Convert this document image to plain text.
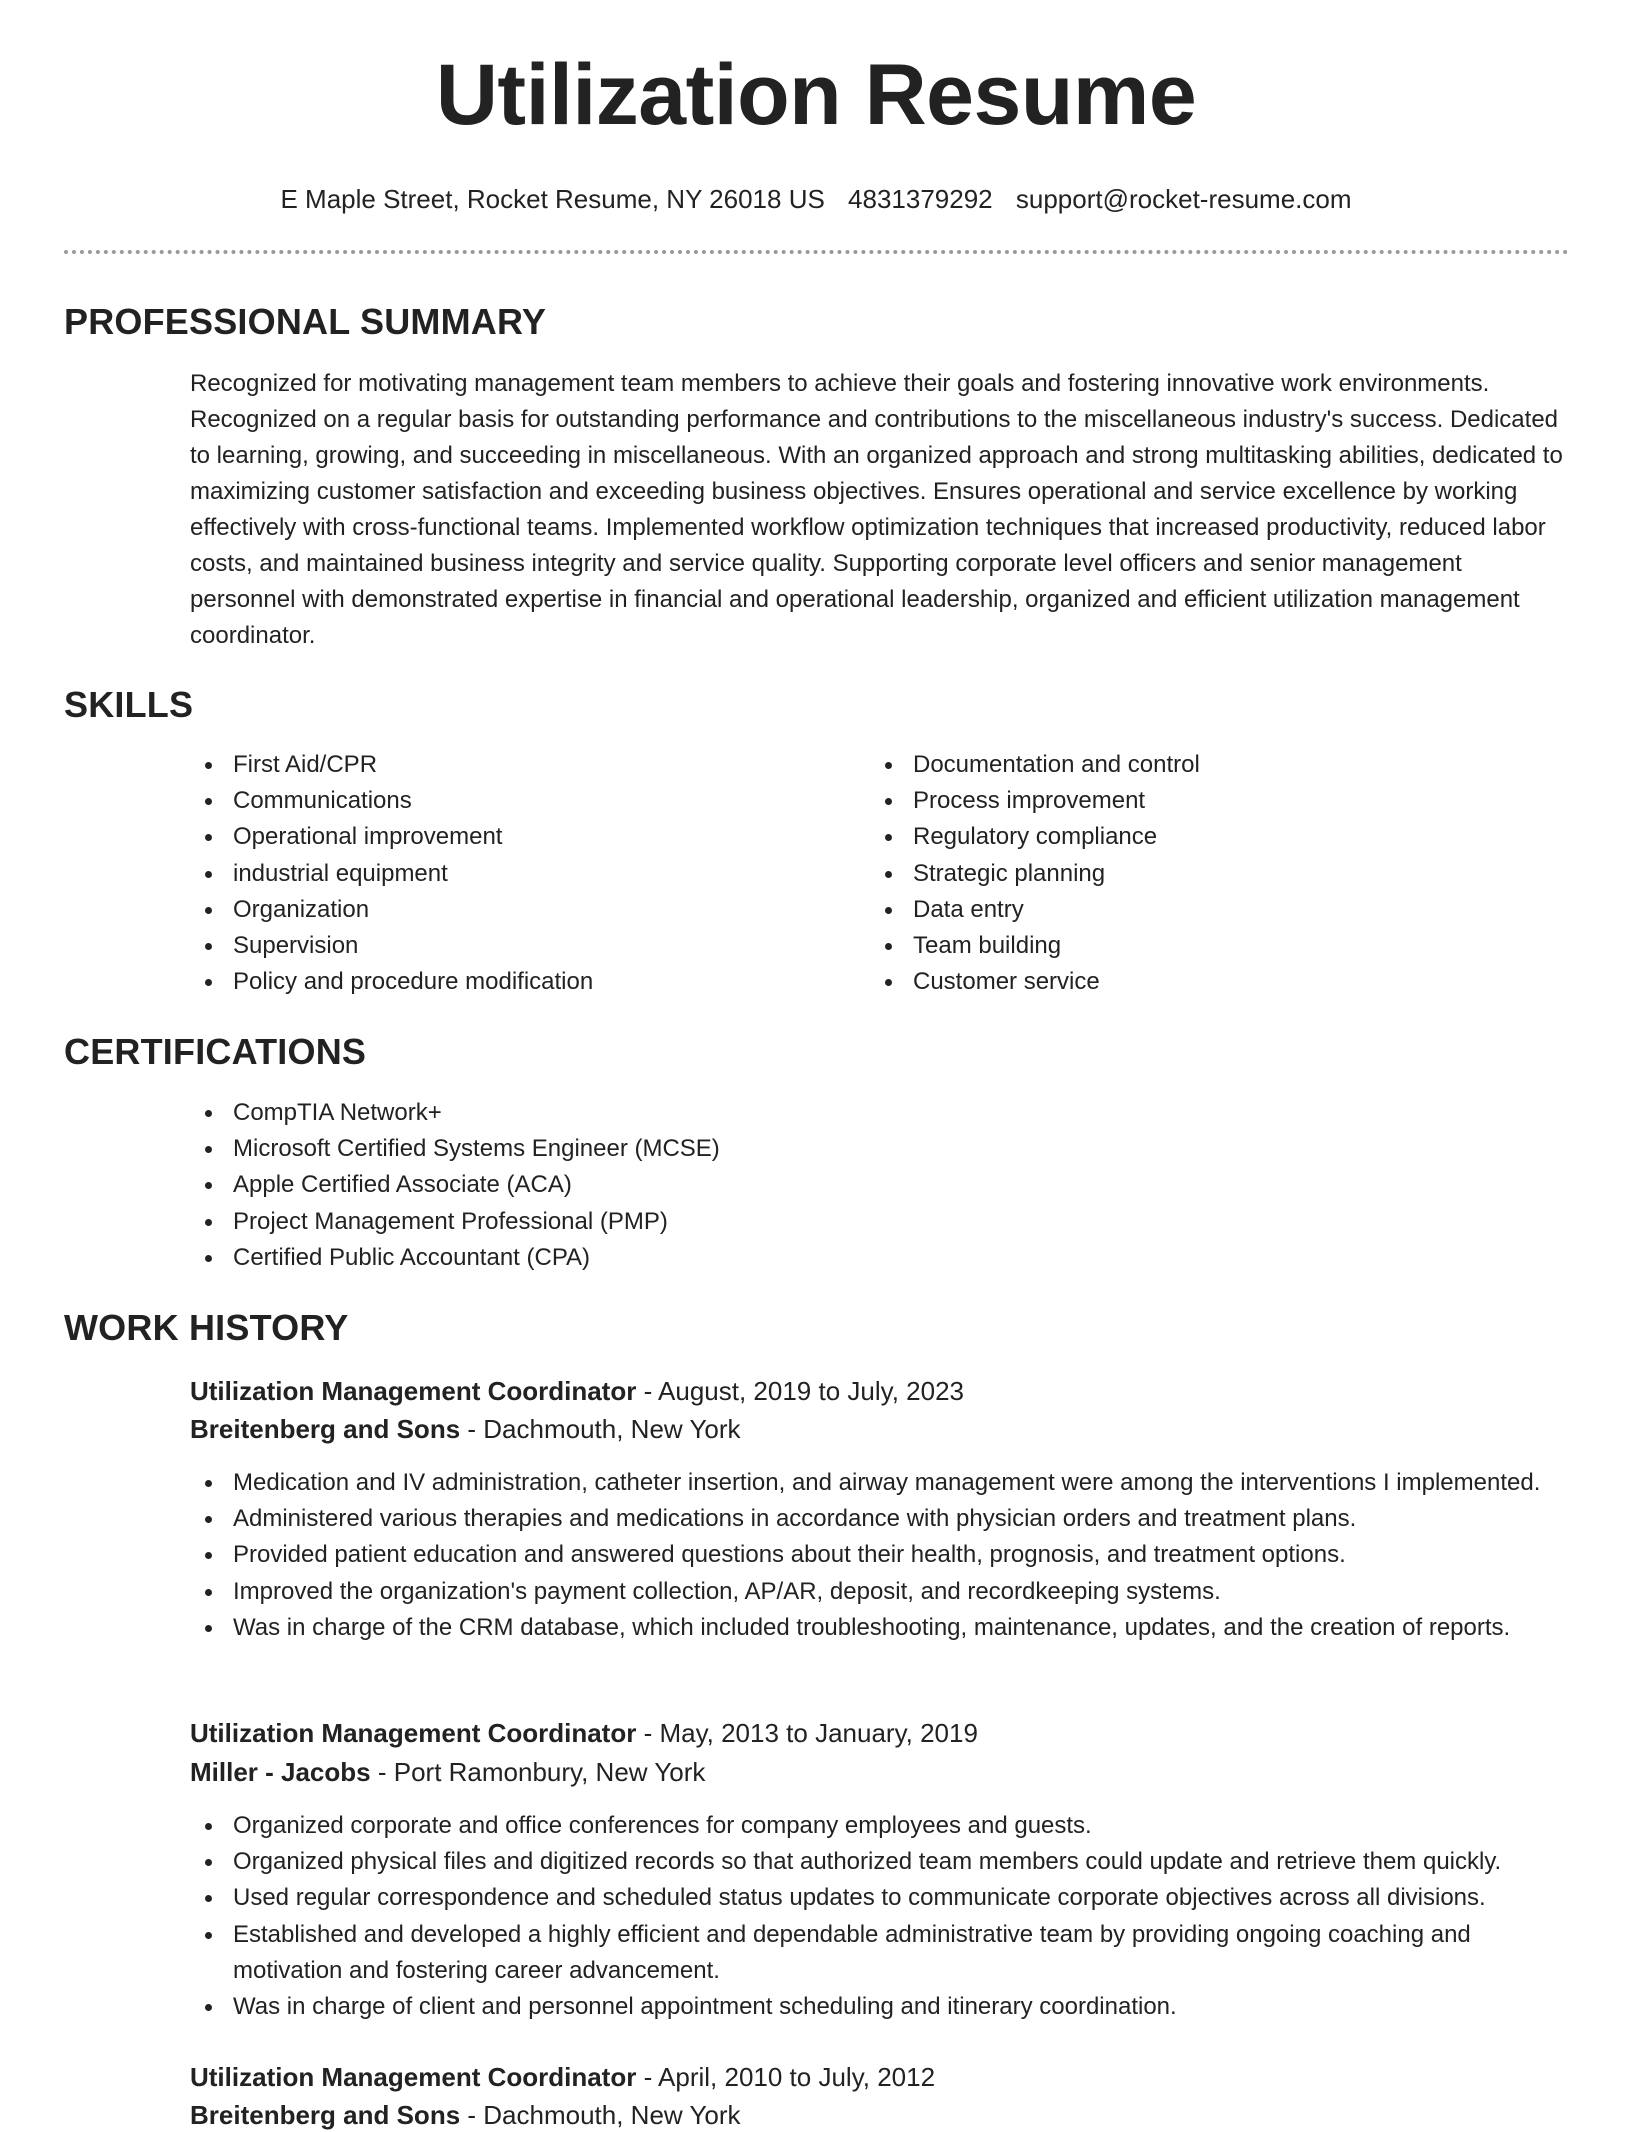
Utilization Resume
E Maple Street, Rocket Resume, NY 26018 US 4831379292 support@rocket-resume.com
PROFESSIONAL SUMMARY

Recognized for motivating management team members to achieve their goals and fostering innovative work environments. Recognized on a regular basis for outstanding performance and contributions to the miscellaneous industry's success. Dedicated to learning, growing, and succeeding in miscellaneous. With an organized approach and strong multitasking abilities, dedicated to maximizing customer satisfaction and exceeding business objectives. Ensures operational and service excellence by working effectively with cross-functional teams. Implemented workflow optimization techniques that increased productivity, reduced labor costs, and maintained business integrity and service quality. Supporting corporate level officers and senior management personnel with demonstrated expertise in financial and operational leadership, organized and efficient utilization management coordinator.

SKILLS
First Aid/CPR
Communications
Operational improvement
industrial equipment
Organization
Supervision
Policy and procedure modification
Documentation and control
Process improvement
Regulatory compliance
Strategic planning
Data entry
Team building
Customer service
CERTIFICATIONS
CompTIA Network+
Microsoft Certified Systems Engineer (MCSE)
Apple Certified Associate (ACA)
Project Management Professional (PMP)
Certified Public Accountant (CPA)
WORK HISTORY
Utilization Management Coordinator - August, 2019 to July, 2023
Breitenberg and Sons - Dachmouth, New York
Medication and IV administration, catheter insertion, and airway management were among the interventions I implemented.
Administered various therapies and medications in accordance with physician orders and treatment plans.
Provided patient education and answered questions about their health, prognosis, and treatment options.
Improved the organization's payment collection, AP/AR, deposit, and recordkeeping systems.
Was in charge of the CRM database, which included troubleshooting, maintenance, updates, and the creation of reports.
Utilization Management Coordinator - May, 2013 to January, 2019
Miller - Jacobs - Port Ramonbury, New York
Organized corporate and office conferences for company employees and guests.
Organized physical files and digitized records so that authorized team members could update and retrieve them quickly.
Used regular correspondence and scheduled status updates to communicate corporate objectives across all divisions.
Established and developed a highly efficient and dependable administrative team by providing ongoing coaching and motivation and fostering career advancement.
Was in charge of client and personnel appointment scheduling and itinerary coordination.
Utilization Management Coordinator - April, 2010 to July, 2012
Breitenberg and Sons - Dachmouth, New York
